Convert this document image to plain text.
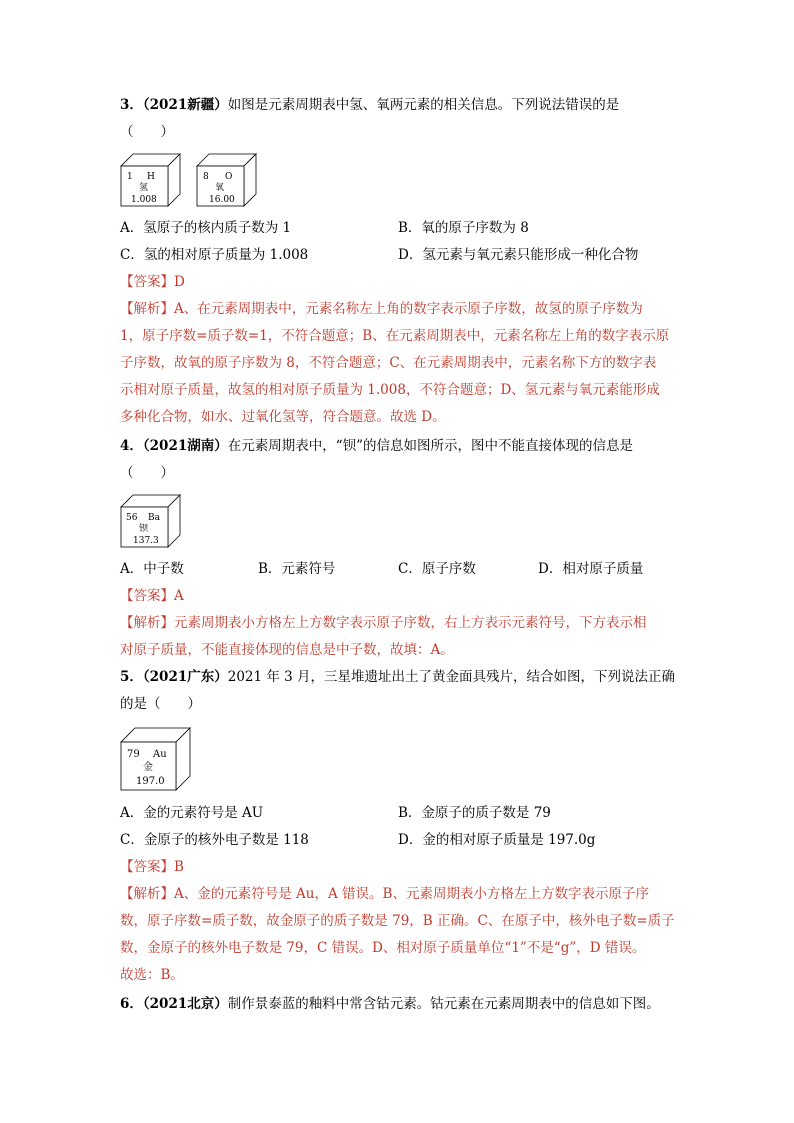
3．（2021新疆）如图是元素周期表中氢、氧两元素的相关信息。下列说法错误的是
（　　）
1 H
氢
1.008
8 O
氧
16.00
A．氢原子的核内质子数为 1	B．氧的原子序数为 8
C．氢的相对原子质量为 1.008	D．氢元素与氧元素只能形成一种化合物
【答案】D
【解析】A、在元素周期表中，元素名称左上角的数字表示原子序数，故氢的原子序数为
1，原子序数=质子数=1，不符合题意；B、在元素周期表中，元素名称左上角的数字表示原
子序数，故氧的原子序数为 8，不符合题意；C、在元素周期表中，元素名称下方的数字表
示相对原子质量，故氢的相对原子质量为 1.008，不符合题意；D、氢元素与氧元素能形成
多种化合物，如水、过氧化氢等，符合题意。故选 D。
4．（2021湖南）在元素周期表中，“钡”的信息如图所示，图中不能直接体现的信息是
（　　）
56 Ba
钡
137.3
A．中子数	B．元素符号	C．原子序数	D．相对原子质量
【答案】A
【解析】元素周期表小方格左上方数字表示原子序数，右上方表示元素符号，下方表示相
对原子质量，不能直接体现的信息是中子数，故填：A。
5．（2021广东）2021 年 3 月，三星堆遗址出土了黄金面具残片，结合如图，下列说法正确
的是（　　）
79 Au
金
197.0
A．金的元素符号是 AU	B．金原子的质子数是 79
C．金原子的核外电子数是 118	D．金的相对原子质量是 197.0g
【答案】B
【解析】A、金的元素符号是 Au，A 错误。B、元素周期表小方格左上方数字表示原子序
数，原子序数=质子数，故金原子的质子数是 79，B 正确。C、在原子中，核外电子数=质子
数，金原子的核外电子数是 79，C 错误。D、相对原子质量单位“1”不是“g”，D 错误。
故选：B。
6．（2021北京）制作景泰蓝的釉料中常含钴元素。钴元素在元素周期表中的信息如下图。
